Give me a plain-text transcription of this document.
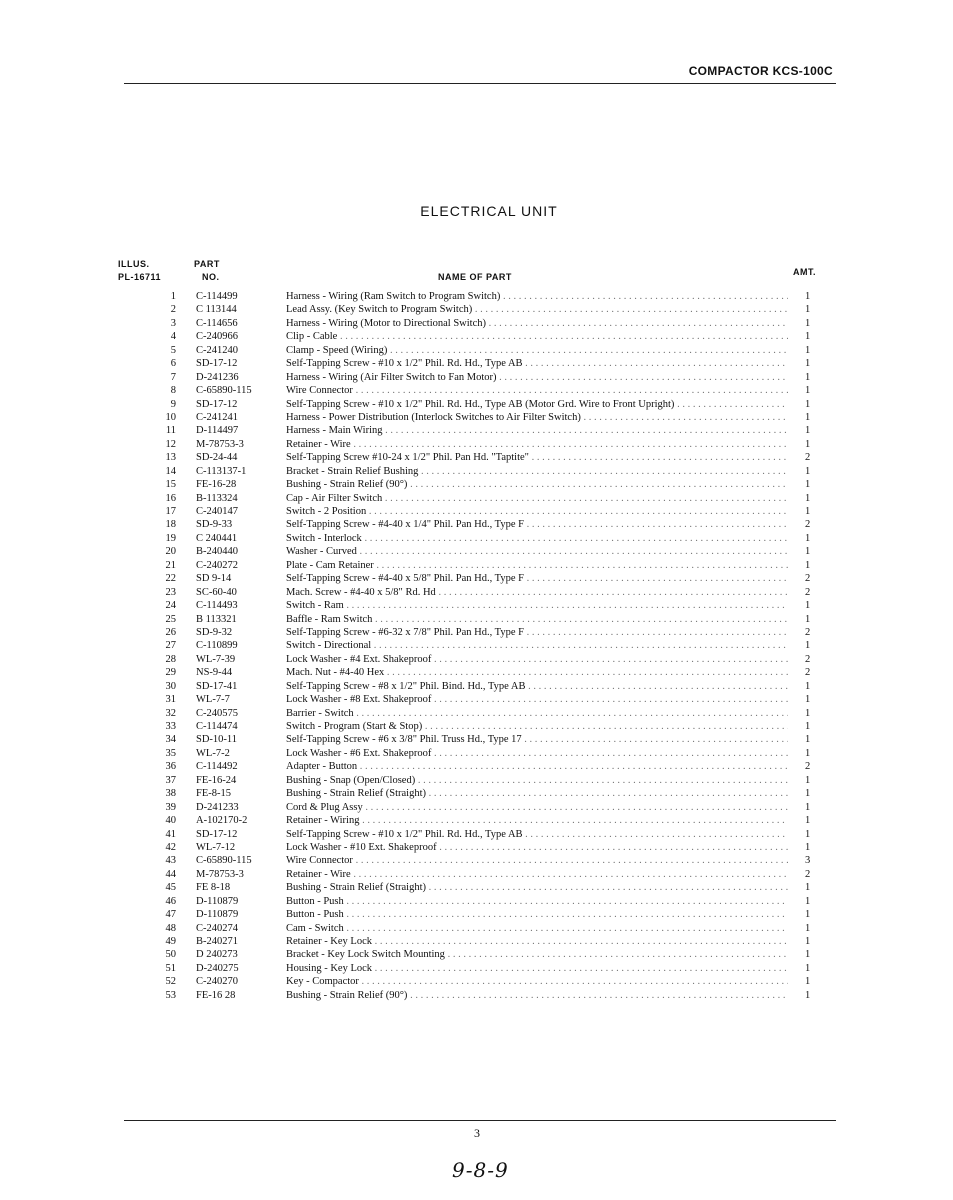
COMPACTOR KCS-100C
ELECTRICAL UNIT
ILLUS.
PL-16711
PART
NO.	NAME OF PART	AMT.
1 C-114499	Harness - Wiring (Ram Switch to Program Switch) . . .	1
2 C 113144	Lead Assy. (Key Switch to Program Switch) . . .	1
3 C-114656	Harness - Wiring (Motor to Directional Switch) . . .	1
4 C-240966	Clip - Cable . . .	1
5 C-241240	Clamp - Speed (Wiring) . . .	1
6 SD-17-12	Self-Tapping Screw - #10 x 1/2" Phil. Rd. Hd., Type AB . . .	1
7 D-241236	Harness - Wiring (Air Filter Switch to Fan Motor) . . .	1
8 C-65890-115	Wire Connector . . .	1
9 SD-17-12	Self-Tapping Screw - #10 x 1/2" Phil. Rd. Hd., Type AB (Motor Grd. Wire to Front Upright) . . .	1
10 C-241241	Harness - Power Distribution (Interlock Switches to Air Filter Switch) . . .	1
11 D-114497	Harness - Main Wiring . . .	1
12 M-78753-3	Retainer - Wire . . .	1
13 SD-24-44	Self-Tapping Screw #10-24 x 1/2" Phil. Pan Hd. "Taptite" . . .	2
14 C-113137-1	Bracket - Strain Relief Bushing . . .	1
15 FE-16-28	Bushing - Strain Relief (90°) . . .	1
16 B-113324	Cap - Air Filter Switch . . .	1
17 C-240147	Switch - 2 Position . . .	1
18 SD-9-33	Self-Tapping Screw - #4-40 x 1/4" Phil. Pan Hd., Type F . . .	2
19 C 240441	Switch - Interlock . . .	1
20 B-240440	Washer - Curved . . .	1
21 C-240272	Plate - Cam Retainer . . .	1
22 SD 9-14	Self-Tapping Screw - #4-40 x 5/8" Phil. Pan Hd., Type F . . .	2
23 SC-60-40	Mach. Screw - #4-40 x 5/8" Rd. Hd . . .	2
24 C-114493	Switch - Ram . . .	1
25 B 113321	Baffle - Ram Switch . . .	1
26 SD-9-32	Self-Tapping Screw - #6-32 x 7/8" Phil. Pan Hd., Type F . . .	2
27 C-110899	Switch - Directional . . .	1
28 WL-7-39	Lock Washer - #4 Ext. Shakeproof . . .	2
29 NS-9-44	Mach. Nut - #4-40 Hex . . .	2
30 SD-17-41	Self-Tapping Screw - #8 x 1/2" Phil. Bind. Hd., Type AB . . .	1
31 WL-7-7	Lock Washer - #8 Ext. Shakeproof . . .	1
32 C-240575	Barrier - Switch . . .	1
33 C-114474	Switch - Program (Start & Stop) . . .	1
34 SD-10-11	Self-Tapping Screw - #6 x 3/8" Phil. Truss Hd., Type 17 . . .	1
35 WL-7-2	Lock Washer - #6 Ext. Shakeproof . . .	1
36 C-114492	Adapter - Button . . .	2
37 FE-16-24	Bushing - Snap (Open/Closed) . . .	1
38 FE-8-15	Bushing - Strain Relief (Straight) . . .	1
39 D-241233	Cord & Plug Assy . . .	1
40 A-102170-2	Retainer - Wiring . . .	1
41 SD-17-12	Self-Tapping Screw - #10 x 1/2" Phil. Rd. Hd., Type AB . . .	1
42 WL-7-12	Lock Washer - #10 Ext. Shakeproof . . .	1
43 C-65890-115	Wire Connector . . .	3
44 M-78753-3	Retainer - Wire . . .	2
45 FE 8-18	Bushing - Strain Relief (Straight) . . .	1
46 D-110879	Button - Push . . .	1
47 D-110879	Button - Push . . .	1
48 C-240274	Cam - Switch . . .	1
49 B-240271	Retainer - Key Lock . . .	1
50 D 240273	Bracket - Key Lock Switch Mounting . . .	1
51 D-240275	Housing - Key Lock . . .	1
52 C-240270	Key - Compactor . . .	1
53 FE-16 28	Bushing - Strain Relief (90°) . . .	1
3
9-8-9
